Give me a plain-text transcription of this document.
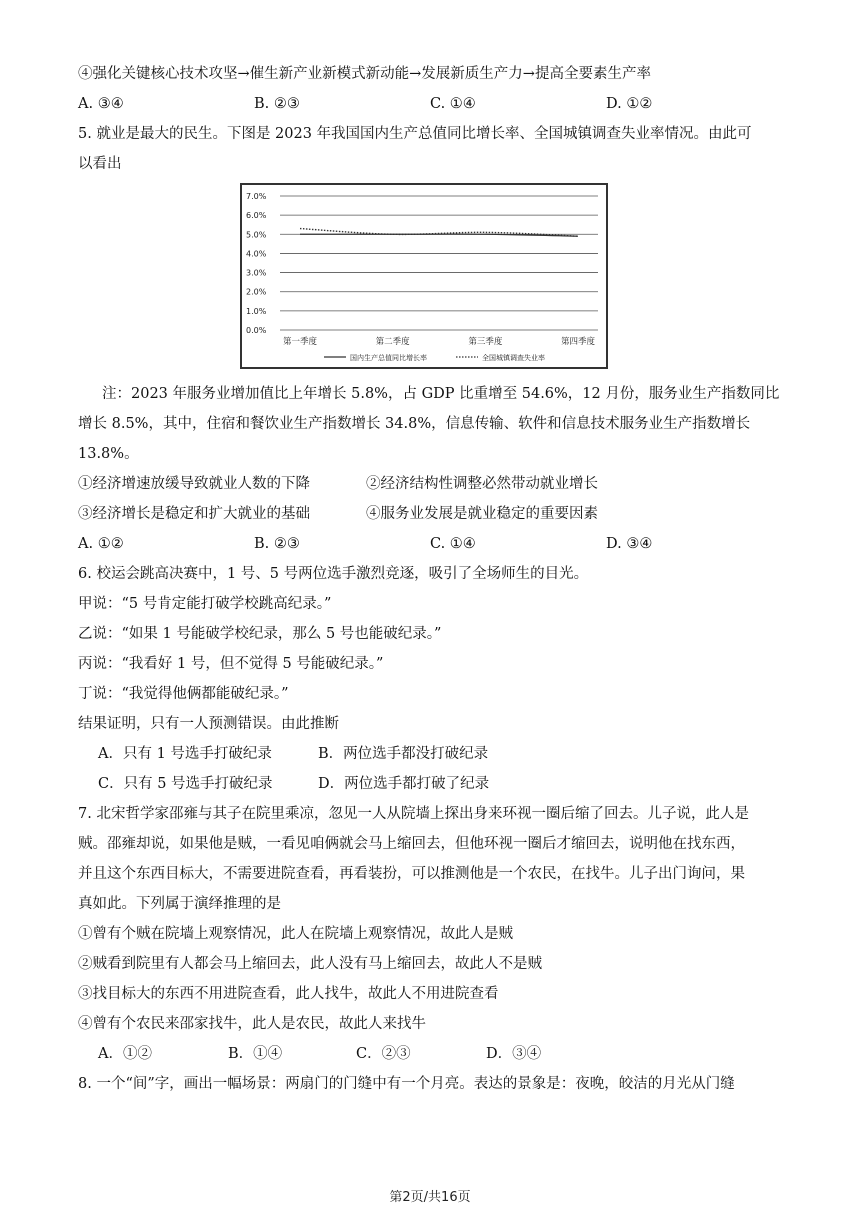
④强化关键核心技术攻坚→催生新产业新模式新动能→发展新质生产力→提高全要素生产率
A. ③④	B. ②③	C. ①④	D. ①②
5. 就业是最大的民生。下图是 2023 年我国国内生产总值同比增长率、全国城镇调查失业率情况。由此可
以看出
0.0%
1.0%
2.0%
3.0%
4.0%
5.0%
6.0%
7.0%
第一季度	第二季度	第三季度	第四季度
国内生产总值同比增长率	全国城镇调查失业率
注：2023 年服务业增加值比上年增长 5.8%，占 GDP 比重增至 54.6%，12 月份，服务业生产指数同比
增长 8.5%，其中，住宿和餐饮业生产指数增长 34.8%，信息传输、软件和信息技术服务业生产指数增长
13.8%。
①经济增速放缓导致就业人数的下降	②经济结构性调整必然带动就业增长
③经济增长是稳定和扩大就业的基础	④服务业发展是就业稳定的重要因素
A. ①②	B. ②③	C. ①④	D. ③④
6. 校运会跳高决赛中，1 号、5 号两位选手激烈竞逐，吸引了全场师生的目光。
甲说：“5 号肯定能打破学校跳高纪录。”
乙说：“如果 1 号能破学校纪录，那么 5 号也能破纪录。”
丙说：“我看好 1 号，但不觉得 5 号能破纪录。”
丁说：“我觉得他俩都能破纪录。”
结果证明，只有一人预测错误。由此推断
A．只有 1 号选手打破纪录	B．两位选手都没打破纪录
C．只有 5 号选手打破纪录	D．两位选手都打破了纪录
7. 北宋哲学家邵雍与其子在院里乘凉，忽见一人从院墙上探出身来环视一圈后缩了回去。儿子说，此人是
贼。邵雍却说，如果他是贼，一看见咱俩就会马上缩回去，但他环视一圈后才缩回去，说明他在找东西，
并且这个东西目标大，不需要进院查看，再看装扮，可以推测他是一个农民，在找牛。儿子出门询问，果
真如此。下列属于演绎推理的是
①曾有个贼在院墙上观察情况，此人在院墙上观察情况，故此人是贼
②贼看到院里有人都会马上缩回去，此人没有马上缩回去，故此人不是贼
③找目标大的东西不用进院查看，此人找牛，故此人不用进院查看
④曾有个农民来邵家找牛，此人是农民，故此人来找牛
A．①②	B．①④	C．②③	D．③④
8. 一个“间”字，画出一幅场景：两扇门的门缝中有一个月亮。表达的景象是：夜晚，皎洁的月光从门缝
第2页/共16页
